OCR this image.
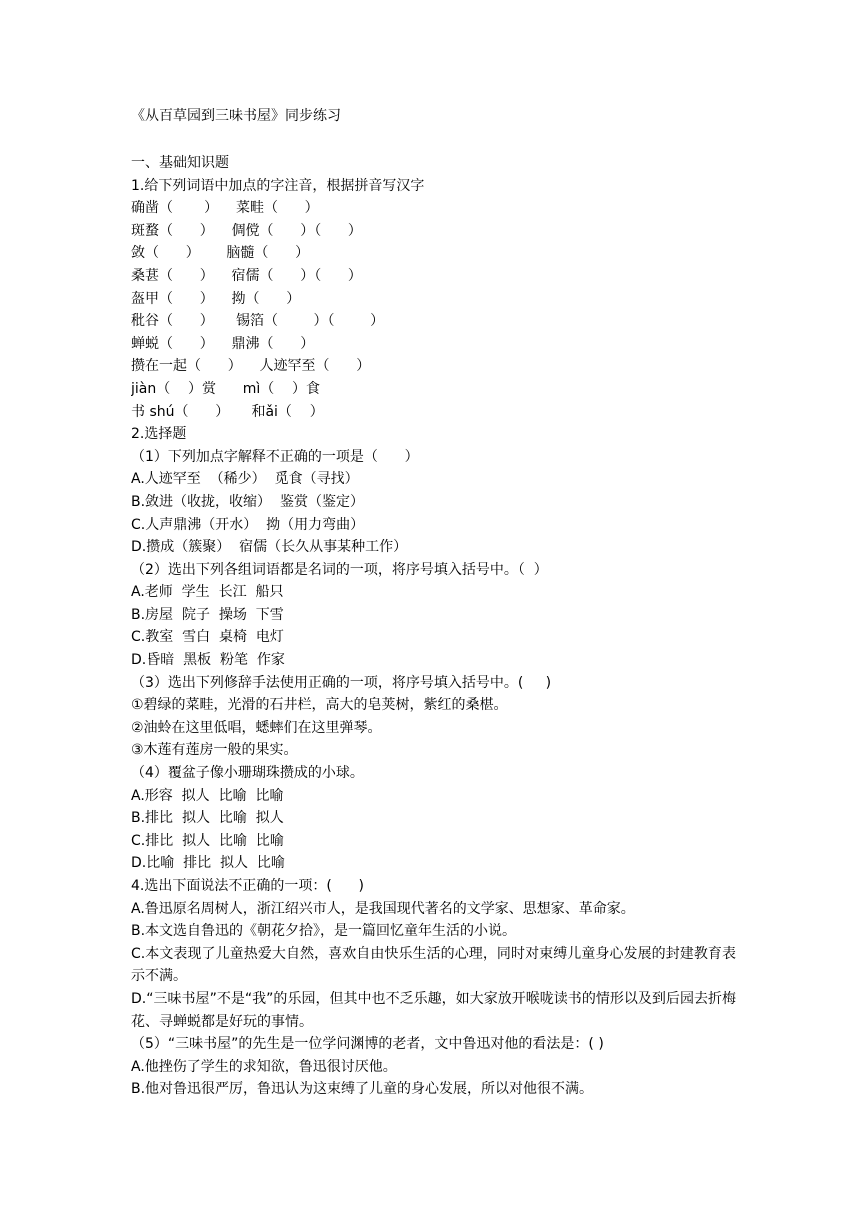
《从百草园到三味书屋》同步练习
一、基础知识题
1.给下列词语中加点的字注音，根据拼音写汉字
确凿（       ）    菜畦（      ）
斑蝥（      ）    倜傥（      ）（      ）
敛（      ）      脑髓（      ）
桑葚（      ）    宿儒（      ）（      ）
盔甲（      ）    拗（      ）
秕谷（      ）     锡箔（        ）（        ）
蝉蜕（      ）    鼎沸（      ）
攒在一起（      ）    人迹罕至（      ）
jiàn（    ）赏      mì（    ）食
书 shú（      ）     和ǎi（    ）
2.选择题
（1）下列加点字解释不正确的一项是（      ）
A.人迹罕至  （稀少）  觅食（寻找）
B.敛进（收拢，收缩）  鉴赏（鉴定）
C.人声鼎沸（开水）  拗（用力弯曲）
D.攒成（簇聚）  宿儒（长久从事某种工作）
（2）选出下列各组词语都是名词的一项，将序号填入括号中。（  ）
A.老师  学生  长江  船只
B.房屋  院子  操场  下雪
C.教室  雪白  桌椅  电灯
D.昏暗  黑板  粉笔  作家
（3）选出下列修辞手法使用正确的一项，将序号填入括号中。(     )
①碧绿的菜畦，光滑的石井栏，高大的皂荚树，紫红的桑椹。
②油蛉在这里低唱，蟋蟀们在这里弹琴。
③木莲有莲房一般的果实。
（4）覆盆子像小珊瑚珠攒成的小球。
A.形容  拟人  比喻  比喻
B.排比  拟人  比喻  拟人
C.排比  拟人  比喻  比喻
D.比喻  排比  拟人  比喻
4.选出下面说法不正确的一项：(      )
A.鲁迅原名周树人，浙江绍兴市人，是我国现代著名的文学家、思想家、革命家。
B.本文选自鲁迅的《朝花夕拾》，是一篇回忆童年生活的小说。
C.本文表现了儿童热爱大自然，喜欢自由快乐生活的心理，同时对束缚儿童身心发展的封建教育表示不满。
D.“三味书屋”不是“我”的乐园，但其中也不乏乐趣，如大家放开喉咙读书的情形以及到后园去折梅花、寻蝉蜕都是好玩的事情。
（5）“三味书屋”的先生是一位学问渊博的老者，文中鲁迅对他的看法是：( )
A.他挫伤了学生的求知欲，鲁迅很讨厌他。
B.他对鲁迅很严厉，鲁迅认为这束缚了儿童的身心发展，所以对他很不满。
